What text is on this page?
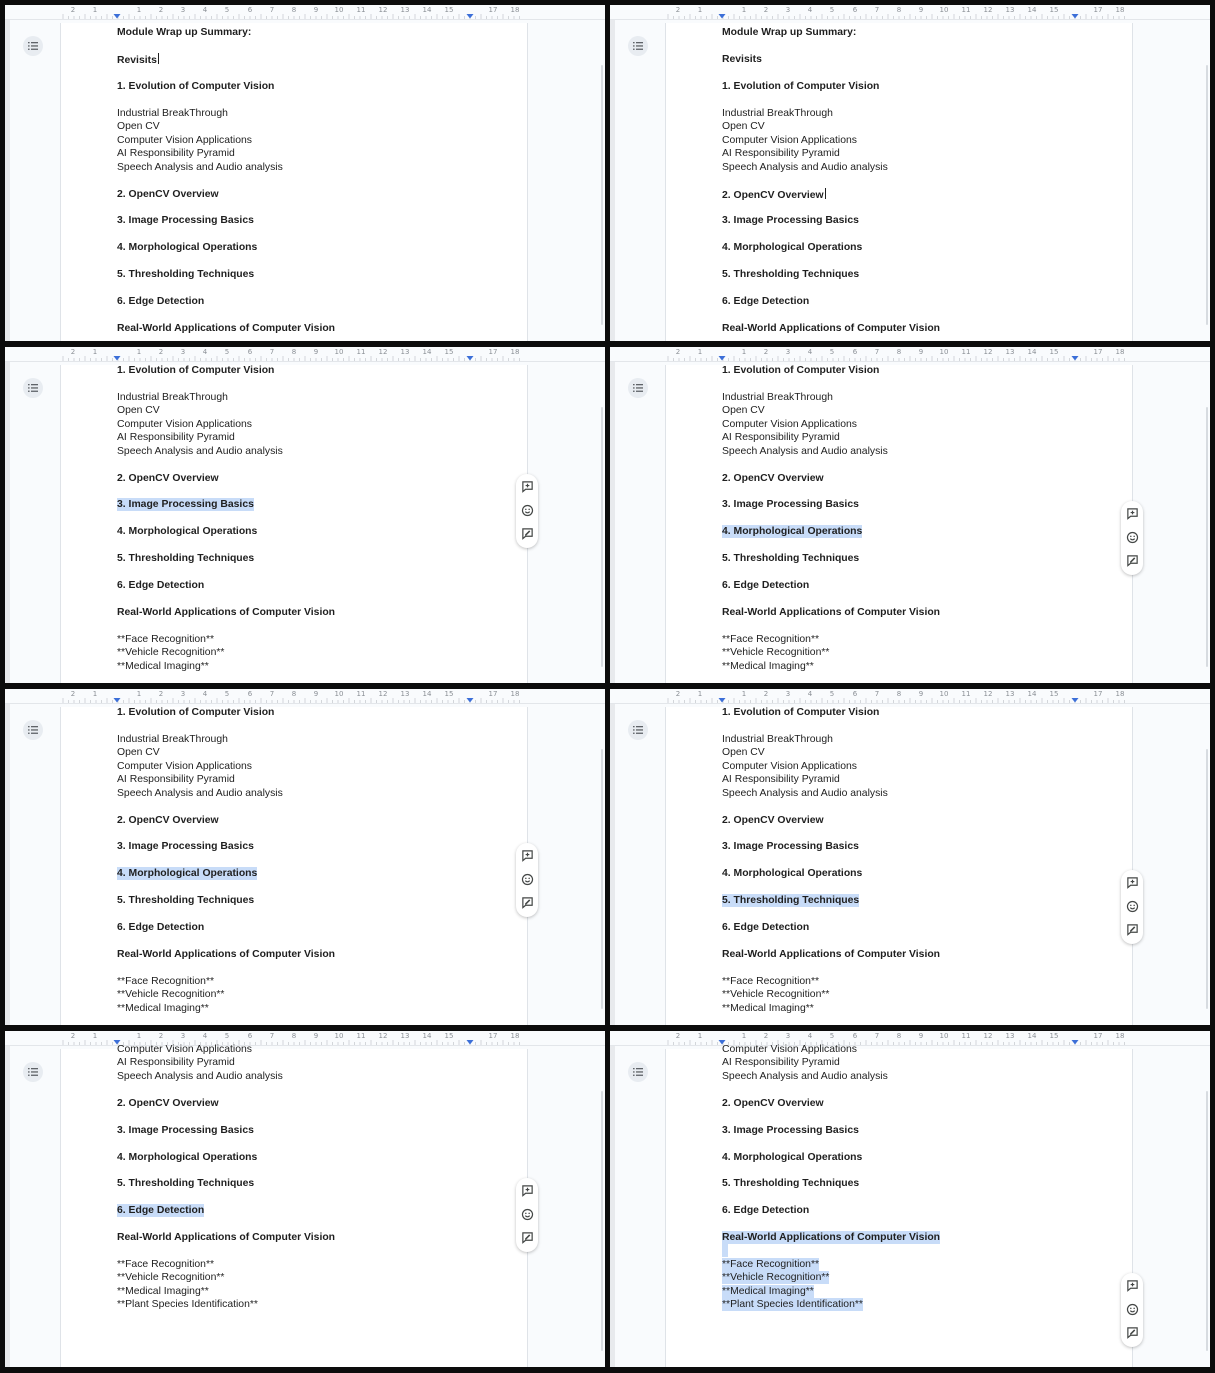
2	1	1	2	3	4	5	6	7	8	9 10 11 12 13 14 15	17 18
Module Wrap up Summary:
Revisits
1. Evolution of Computer Vision
Industrial BreakThrough
Open CV
Computer Vision Applications
AI Responsibility Pyramid
Speech Analysis and Audio analysis
2. OpenCV Overview
3. Image Processing Basics
4. Morphological Operations
5. Thresholding Techniques
6. Edge Detection
Real-World Applications of Computer Vision
2	1	1	2	3	4	5	6	7	8	9 10 11 12 13 14 15	17 18
Module Wrap up Summary:
Revisits
1. Evolution of Computer Vision
Industrial BreakThrough
Open CV
Computer Vision Applications
AI Responsibility Pyramid
Speech Analysis and Audio analysis
2. OpenCV Overview
3. Image Processing Basics
4. Morphological Operations
5. Thresholding Techniques
6. Edge Detection
Real-World Applications of Computer Vision
2	1	1	2	3	4	5	6	7	8	9 10 11 12 13 14 15	17 18
1. Evolution of Computer Vision
Industrial BreakThrough
Open CV
Computer Vision Applications
AI Responsibility Pyramid
Speech Analysis and Audio analysis
2. OpenCV Overview
3. Image Processing Basics
4. Morphological Operations
5. Thresholding Techniques
6. Edge Detection
Real-World Applications of Computer Vision
**Face Recognition**
**Vehicle Recognition**
**Medical Imaging**
2	1	1	2	3	4	5	6	7	8	9 10 11 12 13 14 15	17 18
1. Evolution of Computer Vision
Industrial BreakThrough
Open CV
Computer Vision Applications
AI Responsibility Pyramid
Speech Analysis and Audio analysis
2. OpenCV Overview
3. Image Processing Basics
4. Morphological Operations
5. Thresholding Techniques
6. Edge Detection
Real-World Applications of Computer Vision
**Face Recognition**
**Vehicle Recognition**
**Medical Imaging**
2	1	1	2	3	4	5	6	7	8	9 10 11 12 13 14 15	17 18
1. Evolution of Computer Vision
Industrial BreakThrough
Open CV
Computer Vision Applications
AI Responsibility Pyramid
Speech Analysis and Audio analysis
2. OpenCV Overview
3. Image Processing Basics
4. Morphological Operations
5. Thresholding Techniques
6. Edge Detection
Real-World Applications of Computer Vision
**Face Recognition**
**Vehicle Recognition**
**Medical Imaging**
2	1	1	2	3	4	5	6	7	8	9 10 11 12 13 14 15	17 18
1. Evolution of Computer Vision
Industrial BreakThrough
Open CV
Computer Vision Applications
AI Responsibility Pyramid
Speech Analysis and Audio analysis
2. OpenCV Overview
3. Image Processing Basics
4. Morphological Operations
5. Thresholding Techniques
6. Edge Detection
Real-World Applications of Computer Vision
**Face Recognition**
**Vehicle Recognition**
**Medical Imaging**
2	1	1	2	3	4	5	6	7	8	9 10 11 12 13 14 15	17 18
Computer Vision Applications
AI Responsibility Pyramid
Speech Analysis and Audio analysis
2. OpenCV Overview
3. Image Processing Basics
4. Morphological Operations
5. Thresholding Techniques
6. Edge Detection
Real-World Applications of Computer Vision
**Face Recognition**
**Vehicle Recognition**
**Medical Imaging**
**Plant Species Identification**
2	1	1	2	3	4	5	6	7	8	9 10 11 12 13 14 15	17 18
Computer Vision Applications
AI Responsibility Pyramid
Speech Analysis and Audio analysis
2. OpenCV Overview
3. Image Processing Basics
4. Morphological Operations
5. Thresholding Techniques
6. Edge Detection
Real-World Applications of Computer Vision
**Face Recognition**
**Vehicle Recognition**
**Medical Imaging**
**Plant Species Identification**
